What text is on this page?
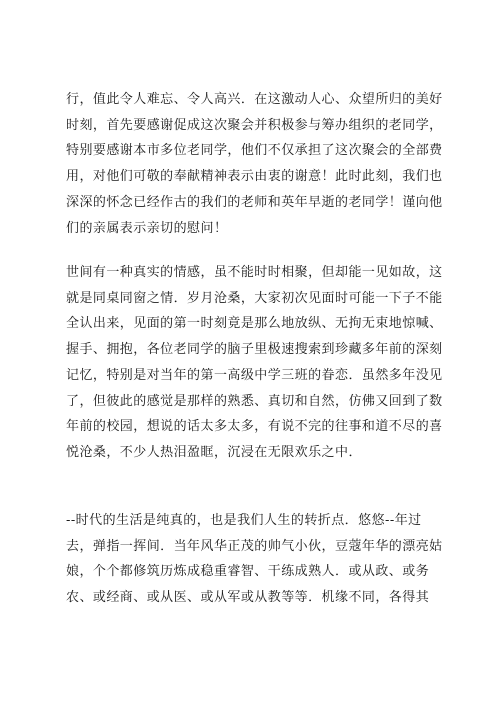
行，值此令人难忘、令人高兴．在这激动人心、众望所归的美好
时刻，首先要感谢促成这次聚会并积极参与筹办组织的老同学，
特别要感谢本市多位老同学，他们不仅承担了这次聚会的全部费
用，对他们可敬的奉献精神表示由衷的谢意！此时此刻，我们也
深深的怀念已经作古的我们的老师和英年早逝的老同学！谨向他
们的亲属表示亲切的慰问！

世间有一种真实的情感，虽不能时时相聚，但却能一见如故，这
就是同桌同窗之情．岁月沧桑，大家初次见面时可能一下子不能
全认出来，见面的第一时刻竟是那么地放纵、无拘无束地惊喊、
握手、拥抱，各位老同学的脑子里极速搜索到珍藏多年前的深刻
记忆，特别是对当年的第一高级中学三班的眷恋．虽然多年没见
了，但彼此的感觉是那样的熟悉、真切和自然，仿佛又回到了数
年前的校园，想说的话太多太多，有说不完的往事和道不尽的喜
悦沧桑，不少人热泪盈眶，沉浸在无限欢乐之中．

--时代的生活是纯真的，也是我们人生的转折点．悠悠--年过
去，弹指一挥间．当年风华正茂的帅气小伙，豆蔻年华的漂亮姑
娘，个个都修筑历炼成稳重睿智、干练成熟人．或从政、或务
农、或经商、或从医、或从军或从教等等．机缘不同，各得其
